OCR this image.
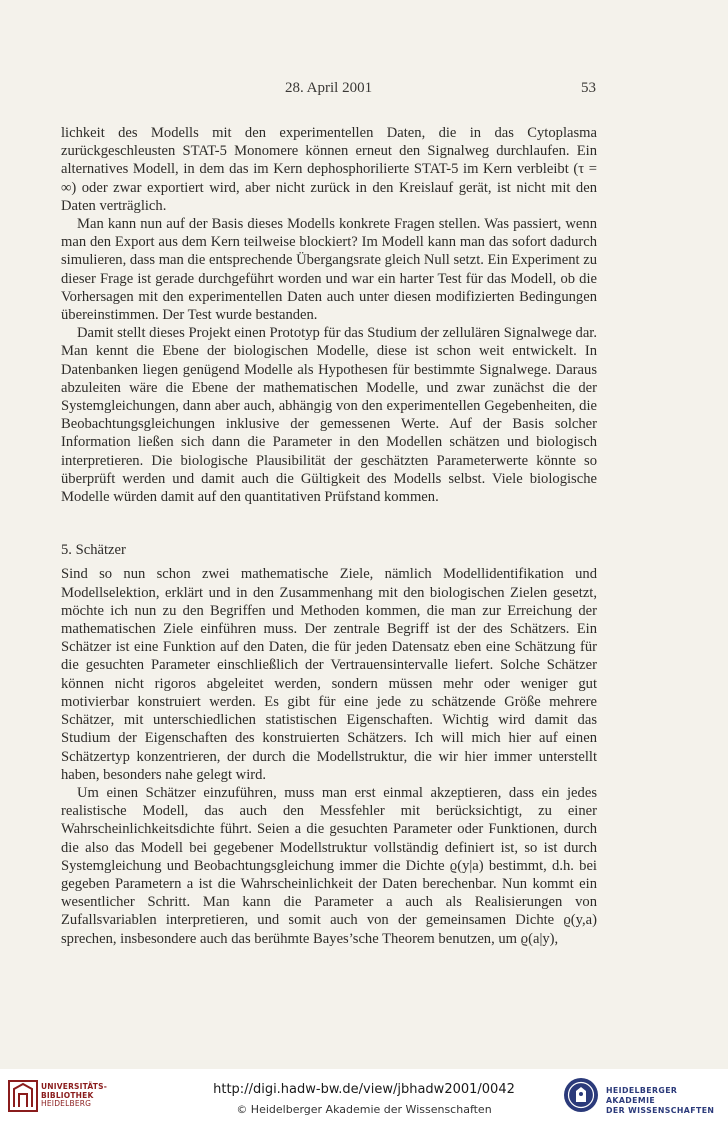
28. April 2001	53

lichkeit des Modells mit den experimentellen Daten, die in das Cytoplasma zurückgeschleusten STAT-5 Monomere können erneut den Signalweg durchlaufen. Ein alternatives Modell, in dem das im Kern dephosphorilierte STAT-5 im Kern verbleibt (τ = ∞) oder zwar exportiert wird, aber nicht zurück in den Kreislauf gerät, ist nicht mit den Daten verträglich.

Man kann nun auf der Basis dieses Modells konkrete Fragen stellen. Was passiert, wenn man den Export aus dem Kern teilweise blockiert? Im Modell kann man das sofort dadurch simulieren, dass man die entsprechende Übergangsrate gleich Null setzt. Ein Experiment zu dieser Frage ist gerade durchgeführt worden und war ein harter Test für das Modell, ob die Vorhersagen mit den experimentellen Daten auch unter diesen modifizierten Bedingungen übereinstimmen. Der Test wurde bestanden.

Damit stellt dieses Projekt einen Prototyp für das Studium der zellulären Signalwege dar. Man kennt die Ebene der biologischen Modelle, diese ist schon weit entwickelt. In Datenbanken liegen genügend Modelle als Hypothesen für bestimmte Signalwege. Daraus abzuleiten wäre die Ebene der mathematischen Modelle, und zwar zunächst die der Systemgleichungen, dann aber auch, abhängig von den experimentellen Gegebenheiten, die Beobachtungsgleichungen inklusive der gemessenen Werte. Auf der Basis solcher Information ließen sich dann die Parameter in den Modellen schätzen und biologisch interpretieren. Die biologische Plausibilität der geschätzten Parameterwerte könnte so überprüft werden und damit auch die Gültigkeit des Modells selbst. Viele biologische Modelle würden damit auf den quantitativen Prüfstand kommen.

5. Schätzer

Sind so nun schon zwei mathematische Ziele, nämlich Modellidentifikation und Modellselektion, erklärt und in den Zusammenhang mit den biologischen Zielen gesetzt, möchte ich nun zu den Begriffen und Methoden kommen, die man zur Erreichung der mathematischen Ziele einführen muss. Der zentrale Begriff ist der des Schätzers. Ein Schätzer ist eine Funktion auf den Daten, die für jeden Datensatz eben eine Schätzung für die gesuchten Parameter einschließlich der Vertrauensintervalle liefert. Solche Schätzer können nicht rigoros abgeleitet werden, sondern müssen mehr oder weniger gut motivierbar konstruiert werden. Es gibt für eine jede zu schätzende Größe mehrere Schätzer, mit unterschiedlichen statistischen Eigenschaften. Wichtig wird damit das Studium der Eigenschaften des konstruierten Schätzers. Ich will mich hier auf einen Schätzertyp konzentrieren, der durch die Modellstruktur, die wir hier immer unterstellt haben, besonders nahe gelegt wird.

Um einen Schätzer einzuführen, muss man erst einmal akzeptieren, dass ein jedes realistische Modell, das auch den Messfehler mit berücksichtigt, zu einer Wahrscheinlichkeitsdichte führt. Seien a die gesuchten Parameter oder Funktionen, durch die also das Modell bei gegebener Modellstruktur vollständig definiert ist, so ist durch Systemgleichung und Beobachtungsgleichung immer die Dichte ϱ(y|a) bestimmt, d.h. bei gegeben Parametern a ist die Wahrscheinlichkeit der Daten berechenbar. Nun kommt ein wesentlicher Schritt. Man kann die Parameter a auch als Realisierungen von Zufallsvariablen interpretieren, und somit auch von der gemeinsamen Dichte ϱ(y,a) sprechen, insbesondere auch das berühmte Bayes’sche Theorem benutzen, um ϱ(a|y),

UNIVERSITÄTS-
BIBLIOTHEK
HEIDELBERG
http://digi.hadw-bw.de/view/jbhadw2001/0042
© Heidelberger Akademie der Wissenschaften
HEIDELBERGER AKADEMIE
DER WISSENSCHAFTEN
